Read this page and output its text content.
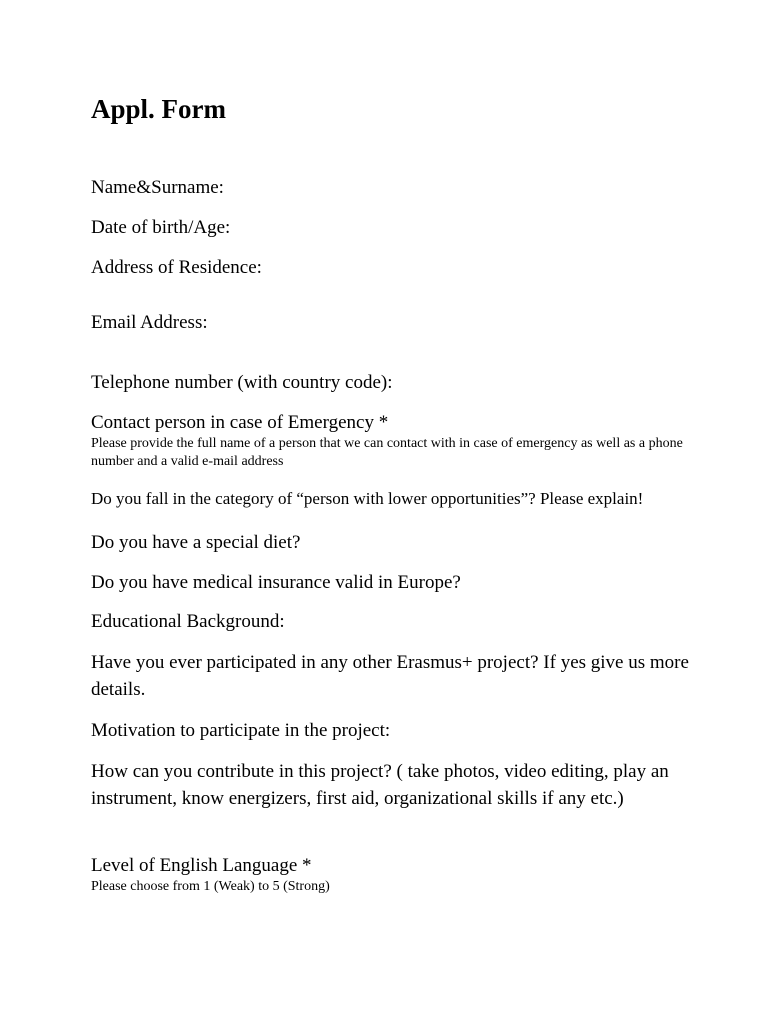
Appl. Form

Name&Surname:

Date of birth/Age:

Address of Residence:

Email Address:

Telephone number (with country code):

Contact person in case of Emergency *

Please provide the full name of a person that we can contact with in case of emergency as well as a phone number and a valid e-mail address

Do you fall in the category of “person with lower opportunities”? Please explain!

Do you have a special diet?

Do you have medical insurance valid in Europe?

Educational Background:

Have you ever participated in any other Erasmus+ project? If yes give us more details.

Motivation to participate in the project:

How can you contribute in this project? ( take photos, video editing, play an instrument, know energizers, first aid, organizational skills if any etc.)

Level of English Language *

Please choose from 1 (Weak) to 5 (Strong)
